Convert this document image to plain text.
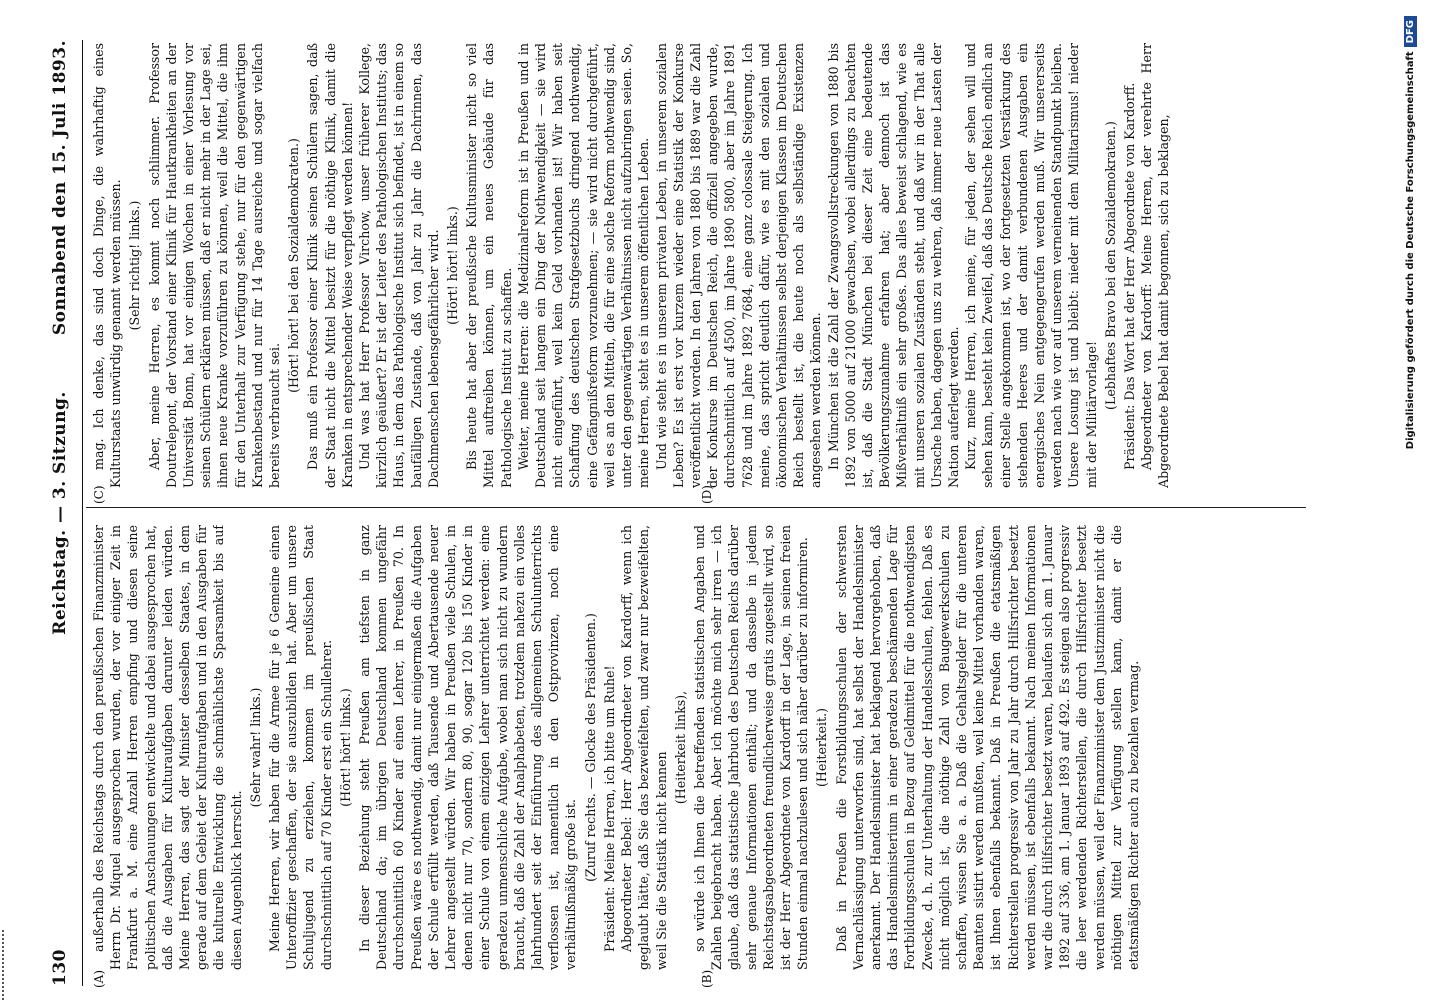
130
Reichstag. — 3. Sitzung.
Sonnabend den 15. Juli 1893.
(A)	(B)
(C)	(D)

außerhalb des Reichstags durch den preußischen Finanzminister Herrn Dr. Miquel ausgesprochen wurden, der vor einiger Zeit in Frankfurt a. M. eine Anzahl Herren empfing und diesen seine politischen Anschauungen entwickelte und dabei ausgesprochen hat, daß die Ausgaben für Kulturaufgaben darunter leiden würden. Meine Herren, das sagt der Minister desselben Staates, in dem gerade auf dem Gebiet der Kulturaufgaben und in den Ausgaben für die kulturelle Entwicklung die schmählichste Sparsamkeit bis auf diesen Augenblick herrscht.

(Sehr wahr! links.) Meine Herren, wir haben für die Armee für je 6 Gemeine einen Unteroffizier geschaffen, der sie auszubilden hat. Aber um unsere Schuljugend zu erziehen, kommen im preußischen Staat durchschnittlich auf 70 Kinder erst ein Schullehrer. (Hört! hört! links.) In dieser Beziehung steht Preußen am tiefsten in ganz Deutschland da; im übrigen Deutschland kommen ungefähr durchschnittlich 60 Kinder auf einen Lehrer, in Preußen 70. In Preußen wäre es nothwendig, damit nur einigermaßen die Aufgaben der Schule erfüllt werden, daß Tausende und Abertausende neuer Lehrer angestellt würden. Wir haben in Preußen viele Schulen, in denen nicht nur 70, sondern 80, 90, sogar 120 bis 150 Kinder in einer Schule von einem einzigen Lehrer unterrichtet werden: eine geradezu unmenschliche Aufgabe, wobei man sich nicht zu wundern braucht, daß die Zahl der Analphabeten, trotzdem nahezu ein volles Jahrhundert seit der Einführung des allgemeinen Schulunterrichts verflossen ist, namentlich in den Ostprovinzen, noch eine verhältnißmäßig große ist.

(Zuruf rechts. — Glocke des Präsidenten.) Präsident: Meine Herren, ich bitte um Ruhe! Abgeordneter Bebel: Herr Abgeordneter von Kardorff, wenn ich geglaubt hätte, daß Sie das bezweifelten, und zwar nur bezweifelten, weil Sie die Statistik nicht kennen

(Heiterkeit links), so würde ich Ihnen die betreffenden statistischen Angaben und Zahlen beigebracht haben. Aber ich möchte mich sehr irren — ich glaube, daß das statistische Jahrbuch des Deutschen Reichs darüber sehr genaue Informationen enthält; und da dasselbe in jedem Reichstagsabgeordneten freundlicherweise gratis zugestellt wird, so ist der Herr Abgeordnete von Kardorff in der Lage, in seinen freien Stunden einmal nachzulesen und sich näher darüber zu informiren. (Heiterkeit.) Daß in Preußen die Forstbildungsschulen der schwersten Vernachlässigung unterworfen sind, hat selbst der Handelsminister anerkannt. Der Handelsminister hat beklagend hervorgehoben, daß das Handelsministerium in einer geradezu beschämenden Lage für Fortbildungsschulen in Bezug auf Geldmittel für die nothwendigsten Zwecke, d. h. zur Unterhaltung der Handelsschulen, fehlen. Daß es nicht möglich ist, die nöthige Zahl von Baugewerkschulen zu schaffen, wissen Sie a. a. Daß die Gehaltsgelder für die unteren Beamten sistirt werden mußten, weil keine Mittel vorhanden waren, ist Ihnen ebenfalls bekannt. Daß in Preußen die etatsmäßigen Richterstellen progressiv von Jahr zu Jahr durch Hilfsrichter besetzt werden müssen, ist ebenfalls bekannt. Nach meinen Informationen war die durch Hilfsrichter besetzt waren, belaufen sich am 1. Januar 1892 auf 336, am 1. Januar 1893 auf 492. Es steigen also progressiv die leer werdenden Richterstellen, die durch Hilfsrichter besetzt werden müssen, weil der Finanzminister dem Justizminister nicht die nöthigen Mittel zur Verfügung stellen kann, damit er die etatsmäßigen Richter auch zu bezahlen vermag.

mag. Ich denke, das sind doch Dinge, die wahrhaftig eines Kulturstaats unwürdig genannt werden müssen. (Sehr richtig! links.) Aber, meine Herren, es kommt noch schlimmer. Professor Doutrelepont, der Vorstand einer Klinik für Hautkrankheiten an der Universität Bonn, hat vor einigen Wochen in einer Vorlesung vor seinen Schülern erklären müssen, daß er nicht mehr in der Lage sei, ihnen neue Kranke vorzuführen zu können, weil die Mittel, die ihm für den Unterhalt zur Verfügung stehe, nur für den gegenwärtigen Krankenbestand und nur für 14 Tage ausreiche und sogar vielfach bereits verbraucht sei.

(Hört! hört! bei den Sozialdemokraten.) Das muß ein Professor einer Klinik seinen Schülern sagen, daß der Staat nicht die Mittel besitzt für die nöthige Klinik, damit die Kranken in entsprechender Weise verpflegt werden können! Und was hat Herr Professor Virchow, unser früherer Kollege, kürzlich geäußert? Er ist der Leiter des Pathologischen Instituts; das Haus, in dem das Pathologische Institut sich befindet, ist in einem so baufälligen Zustande, daß von Jahr zu Jahr die Dachrinnen, das Dachmenschen lebensgefährlicher wird. (Hört! hört! links.) Bis heute hat aber der preußische Kultusminister nicht so viel Mittel auftreiben können, um ein neues Gebäude für das Pathologische Institut zu schaffen. Weiter, meine Herren: die Medizinalreform ist in Preußen und in Deutschland seit langem ein Ding der Nothwendigkeit — sie wird nicht eingeführt, weil kein Geld vorhanden ist! Wir haben seit Schaffung des deutschen Strafgesetzbuchs dringend nothwendig, eine Gefängnißreform vorzunehmen; — sie wird nicht durchgeführt, weil es an den Mitteln, die für eine solche Reform nothwendig sind, unter den gegenwärtigen Verhältnissen nicht aufzubringen seien. So, meine Herren, steht es in unserem öffentlichen Leben. Und wie steht es in unserem privaten Leben, in unserem sozialen Leben? Es ist erst vor kurzem wieder eine Statistik der Konkurse veröffentlicht worden. In den Jahren von 1880 bis 1889 war die Zahl der Konkurse im Deutschen Reich, die offiziell angegeben wurde, durchschnittlich auf 4500, im Jahre 1890 5800, aber im Jahre 1891 7628 und im Jahre 1892 7684, eine ganz colossale Steigerung. Ich meine, das spricht deutlich dafür, wie es mit den sozialen und ökonomischen Verhältnissen selbst derjenigen Klassen im Deutschen Reich bestellt ist, die heute noch als selbständige Existenzen angesehen werden können. In München ist die Zahl der Zwangsvollstreckungen von 1880 bis 1892 von 5000 auf 21000 gewachsen, wobei allerdings zu beachten ist, daß die Stadt München bei dieser Zeit eine bedeutende Bevölkerungszunahme erfahren hat; aber dennoch ist das Mißverhältniß ein sehr großes. Das alles beweist schlagend, wie es mit unseren sozialen Zuständen steht, und daß wir in der That alle Ursache haben, dagegen uns zu wehren, daß immer neue Lasten der Nation auferlegt werden. Kurz, meine Herren, ich meine, für jeden, der sehen will und sehen kann, besteht kein Zweifel, daß das Deutsche Reich endlich an einer Stelle angekommen ist, wo der fortgesetzten Verstärkung des stehenden Heeres und der damit verbundenen Ausgaben ein energisches Nein entgegengerufen werden muß. Wir unsererseits werden nach wie vor auf unserem verneinenden Standpunkt bleiben. Unsere Losung ist und bleibt: nieder mit dem Militarismus! nieder mit der Militärvorlage!

(Lebhaftes Bravo bei den Sozialdemokraten.) Präsident: Das Wort hat der Herr Abgeordnete von Kardorff. Abgeordneter von Kardorff: Meine Herren, der verehrte Herr Abgeordnete Bebel hat damit begonnen, sich zu beklagen,	Digitalisierung gefördert durch die Deutsche ForschungsgemeinschaftDFG
